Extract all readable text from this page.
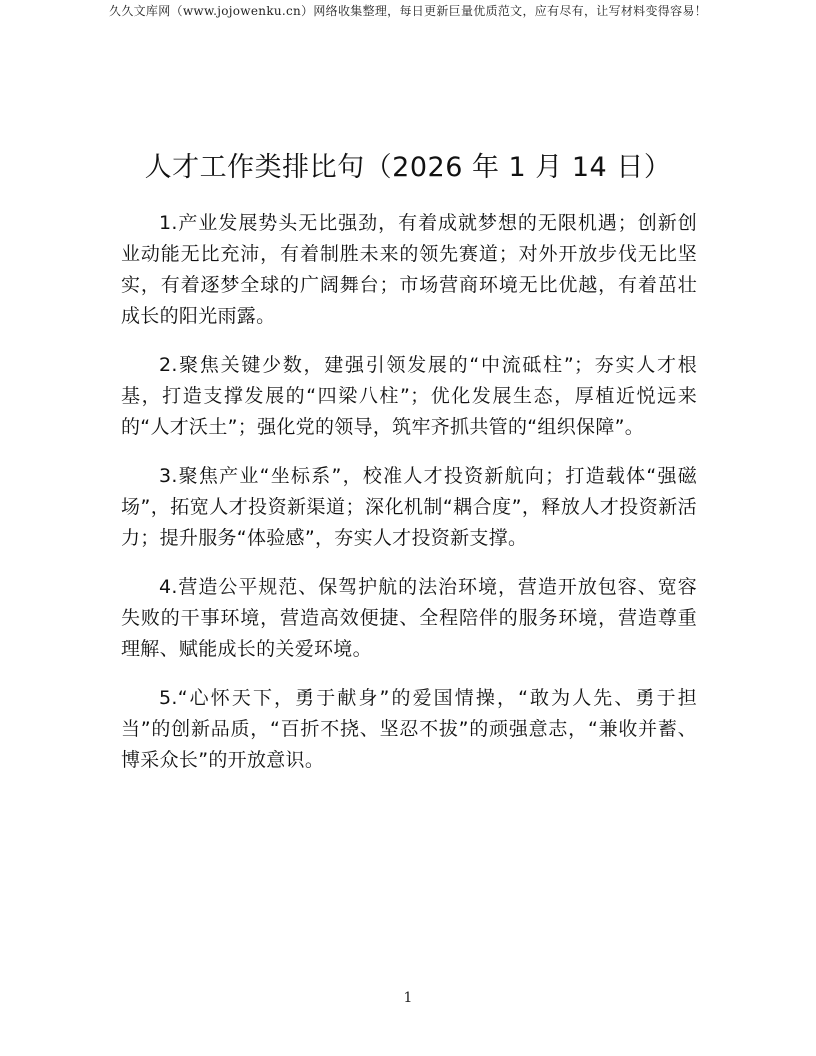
久久文库网（www.jojowenku.cn）网络收集整理，每日更新巨量优质范文，应有尽有，让写材料变得容易！
人才工作类排比句（2026 年 1 月 14 日）

1.产业发展势头无比强劲，有着成就梦想的无限机遇；创新创业动能无比充沛，有着制胜未来的领先赛道；对外开放步伐无比坚实，有着逐梦全球的广阔舞台；市场营商环境无比优越，有着茁壮成长的阳光雨露。

2.聚焦关键少数，建强引领发展的“中流砥柱”；夯实人才根基，打造支撑发展的“四梁八柱”；优化发展生态，厚植近悦远来的“人才沃土”；强化党的领导，筑牢齐抓共管的“组织保障”。

3.聚焦产业“坐标系”，校准人才投资新航向；打造载体“强磁场”，拓宽人才投资新渠道；深化机制“耦合度”，释放人才投资新活力；提升服务“体验感”，夯实人才投资新支撑。

4.营造公平规范、保驾护航的法治环境，营造开放包容、宽容失败的干事环境，营造高效便捷、全程陪伴的服务环境，营造尊重理解、赋能成长的关爱环境。

5.“心怀天下，勇于献身”的爱国情操，“敢为人先、勇于担当”的创新品质，“百折不挠、坚忍不拔”的顽强意志，“兼收并蓄、博采众长”的开放意识。

1
